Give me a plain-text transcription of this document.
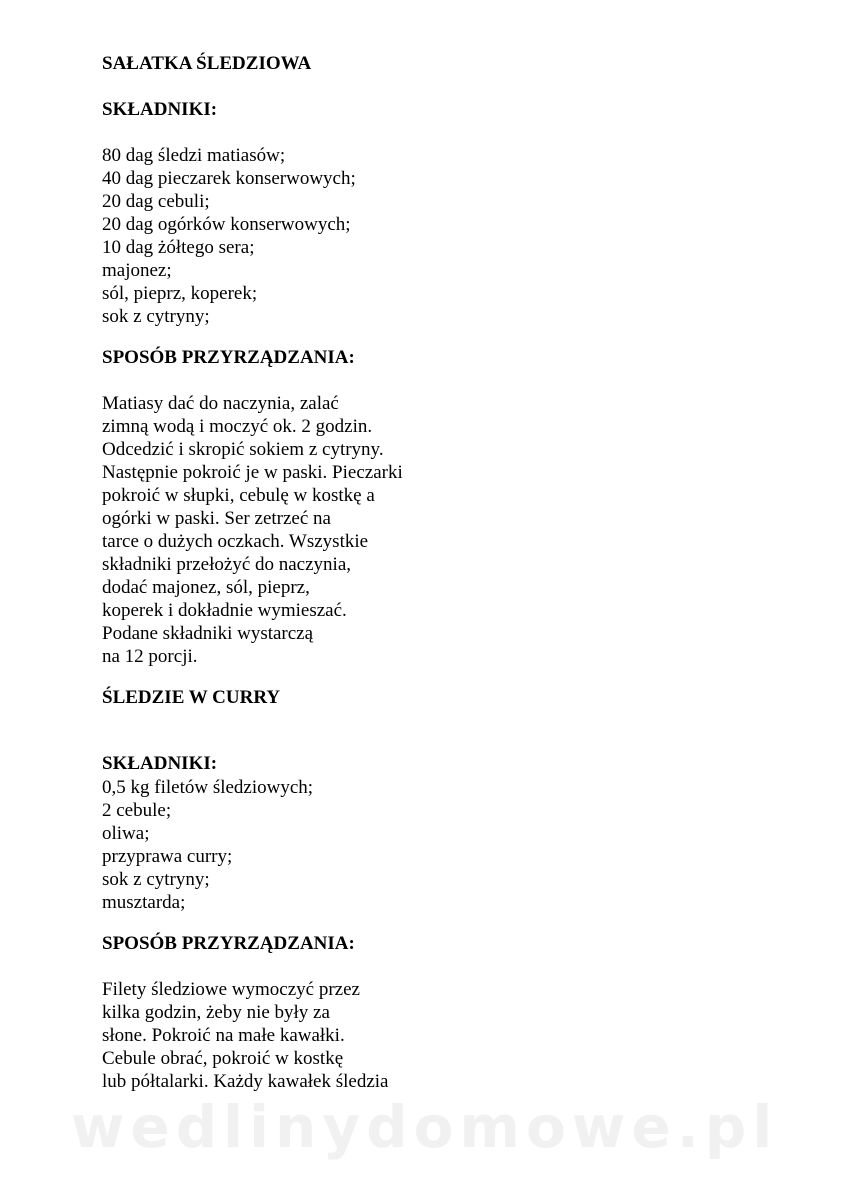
SAŁATKA ŚLEDZIOWA
SKŁADNIKI:
80 dag śledzi matiasów;
40 dag pieczarek konserwowych;
20 dag cebuli;
20 dag ogórków konserwowych;
10 dag żółtego sera;
majonez;
sól, pieprz, koperek;
sok z cytryny;
SPOSÓB PRZYRZĄDZANIA:
Matiasy dać do naczynia, zalać
zimną wodą i moczyć ok. 2 godzin.
Odcedzić i skropić sokiem z cytryny.
Następnie pokroić je w paski. Pieczarki
pokroić w słupki, cebulę w kostkę a
ogórki w paski. Ser zetrzeć na
tarce o dużych oczkach. Wszystkie
składniki przełożyć do naczynia,
dodać majonez, sól, pieprz,
koperek i dokładnie wymieszać.
Podane składniki wystarczą
na 12 porcji.
ŚLEDZIE W CURRY
SKŁADNIKI:
0,5 kg filetów śledziowych;
2 cebule;
oliwa;
przyprawa curry;
sok z cytryny;
musztarda;
SPOSÓB PRZYRZĄDZANIA:
Filety śledziowe wymoczyć przez
kilka godzin, żeby nie były za
słone. Pokroić na małe kawałki.
Cebule obrać, pokroić w kostkę
lub półtalarki. Każdy kawałek śledzia
wedlinydomowe.pl
